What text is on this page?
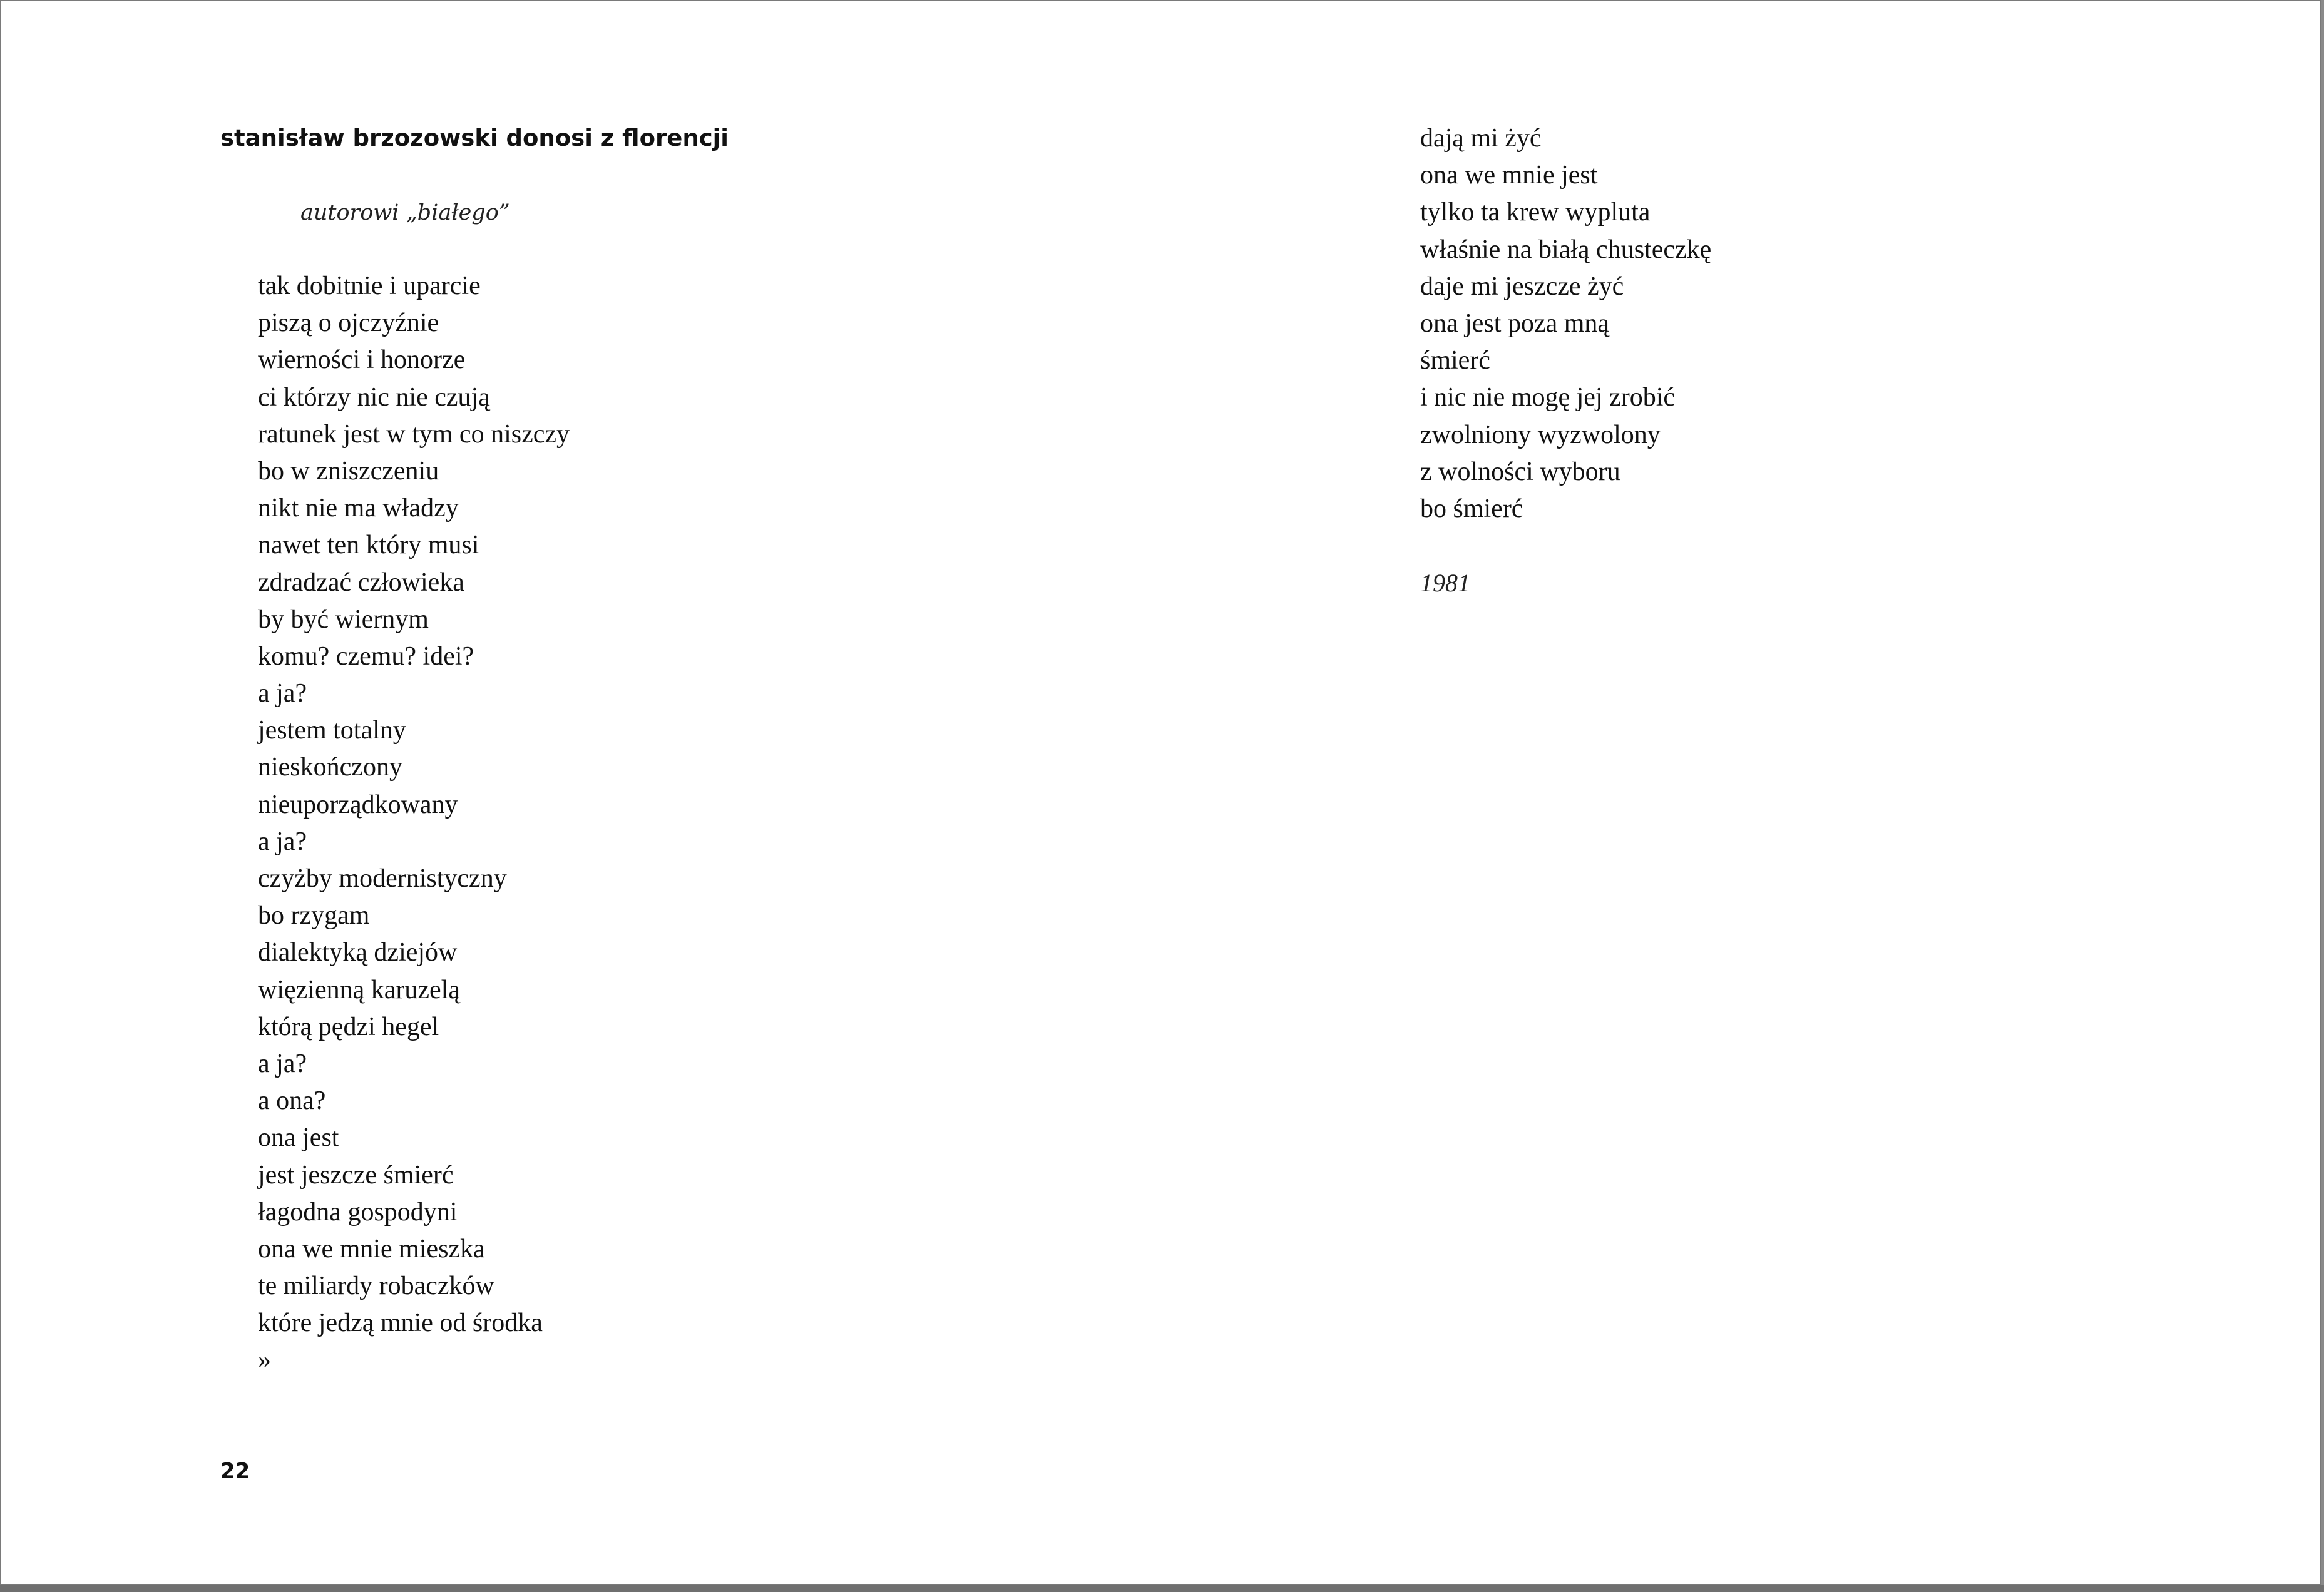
stanisław brzozowski donosi z florencji
autorowi „białego”
tak dobitnie i uparcie
piszą o ojczyźnie
wierności i honorze
ci którzy nic nie czują
ratunek jest w tym co niszczy
bo w zniszczeniu
nikt nie ma władzy
nawet ten który musi
zdradzać człowieka
by być wiernym
komu? czemu? idei?
a ja?
jestem totalny
nieskończony
nieuporządkowany
a ja?
czyżby modernistyczny
bo rzygam
dialektyką dziejów
więzienną karuzelą
którą pędzi hegel
a ja?
a ona?
ona jest
jest jeszcze śmierć
łagodna gospodyni
ona we mnie mieszka
te miliardy robaczków
które jedzą mnie od środka
»
dają mi żyć
ona we mnie jest
tylko ta krew wypluta
właśnie na białą chusteczkę
daje mi jeszcze żyć
ona jest poza mną
śmierć
i nic nie mogę jej zrobić
zwolniony wyzwolony
z wolności wyboru
bo śmierć
1981
22
